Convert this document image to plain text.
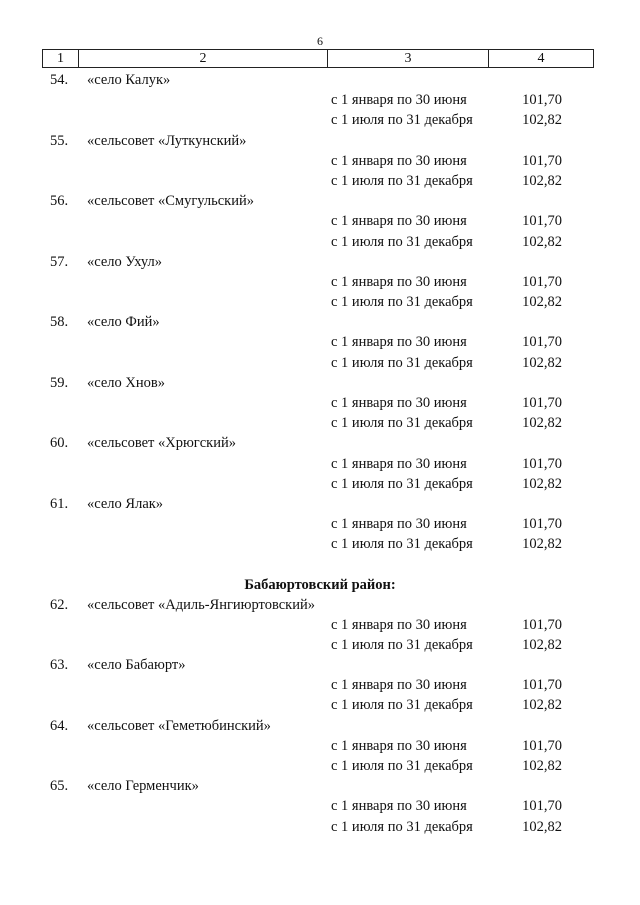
6
1	2	3	4
54. «село Калук»
с 1 января по 30 июня	101,70
с 1 июля по 31 декабря	102,82
55. «сельсовет «Луткунский»
с 1 января по 30 июня	101,70
с 1 июля по 31 декабря	102,82
56. «сельсовет «Смугульский»
с 1 января по 30 июня	101,70
с 1 июля по 31 декабря	102,82
57. «село Ухул»
с 1 января по 30 июня	101,70
с 1 июля по 31 декабря	102,82
58. «село Фий»
с 1 января по 30 июня	101,70
с 1 июля по 31 декабря	102,82
59. «село Хнов»
с 1 января по 30 июня	101,70
с 1 июля по 31 декабря	102,82
60. «сельсовет «Хрюгский»
с 1 января по 30 июня	101,70
с 1 июля по 31 декабря	102,82
61. «село Ялак»
с 1 января по 30 июня	101,70
с 1 июля по 31 декабря	102,82
Бабаюртовский район:
62. «сельсовет «Адиль-Янгиюртовский»
с 1 января по 30 июня	101,70
с 1 июля по 31 декабря	102,82
63. «село Бабаюрт»
с 1 января по 30 июня	101,70
с 1 июля по 31 декабря	102,82
64. «сельсовет «Геметюбинский»
с 1 января по 30 июня	101,70
с 1 июля по 31 декабря	102,82
65. «село Герменчик»
с 1 января по 30 июня	101,70
с 1 июля по 31 декабря	102,82
